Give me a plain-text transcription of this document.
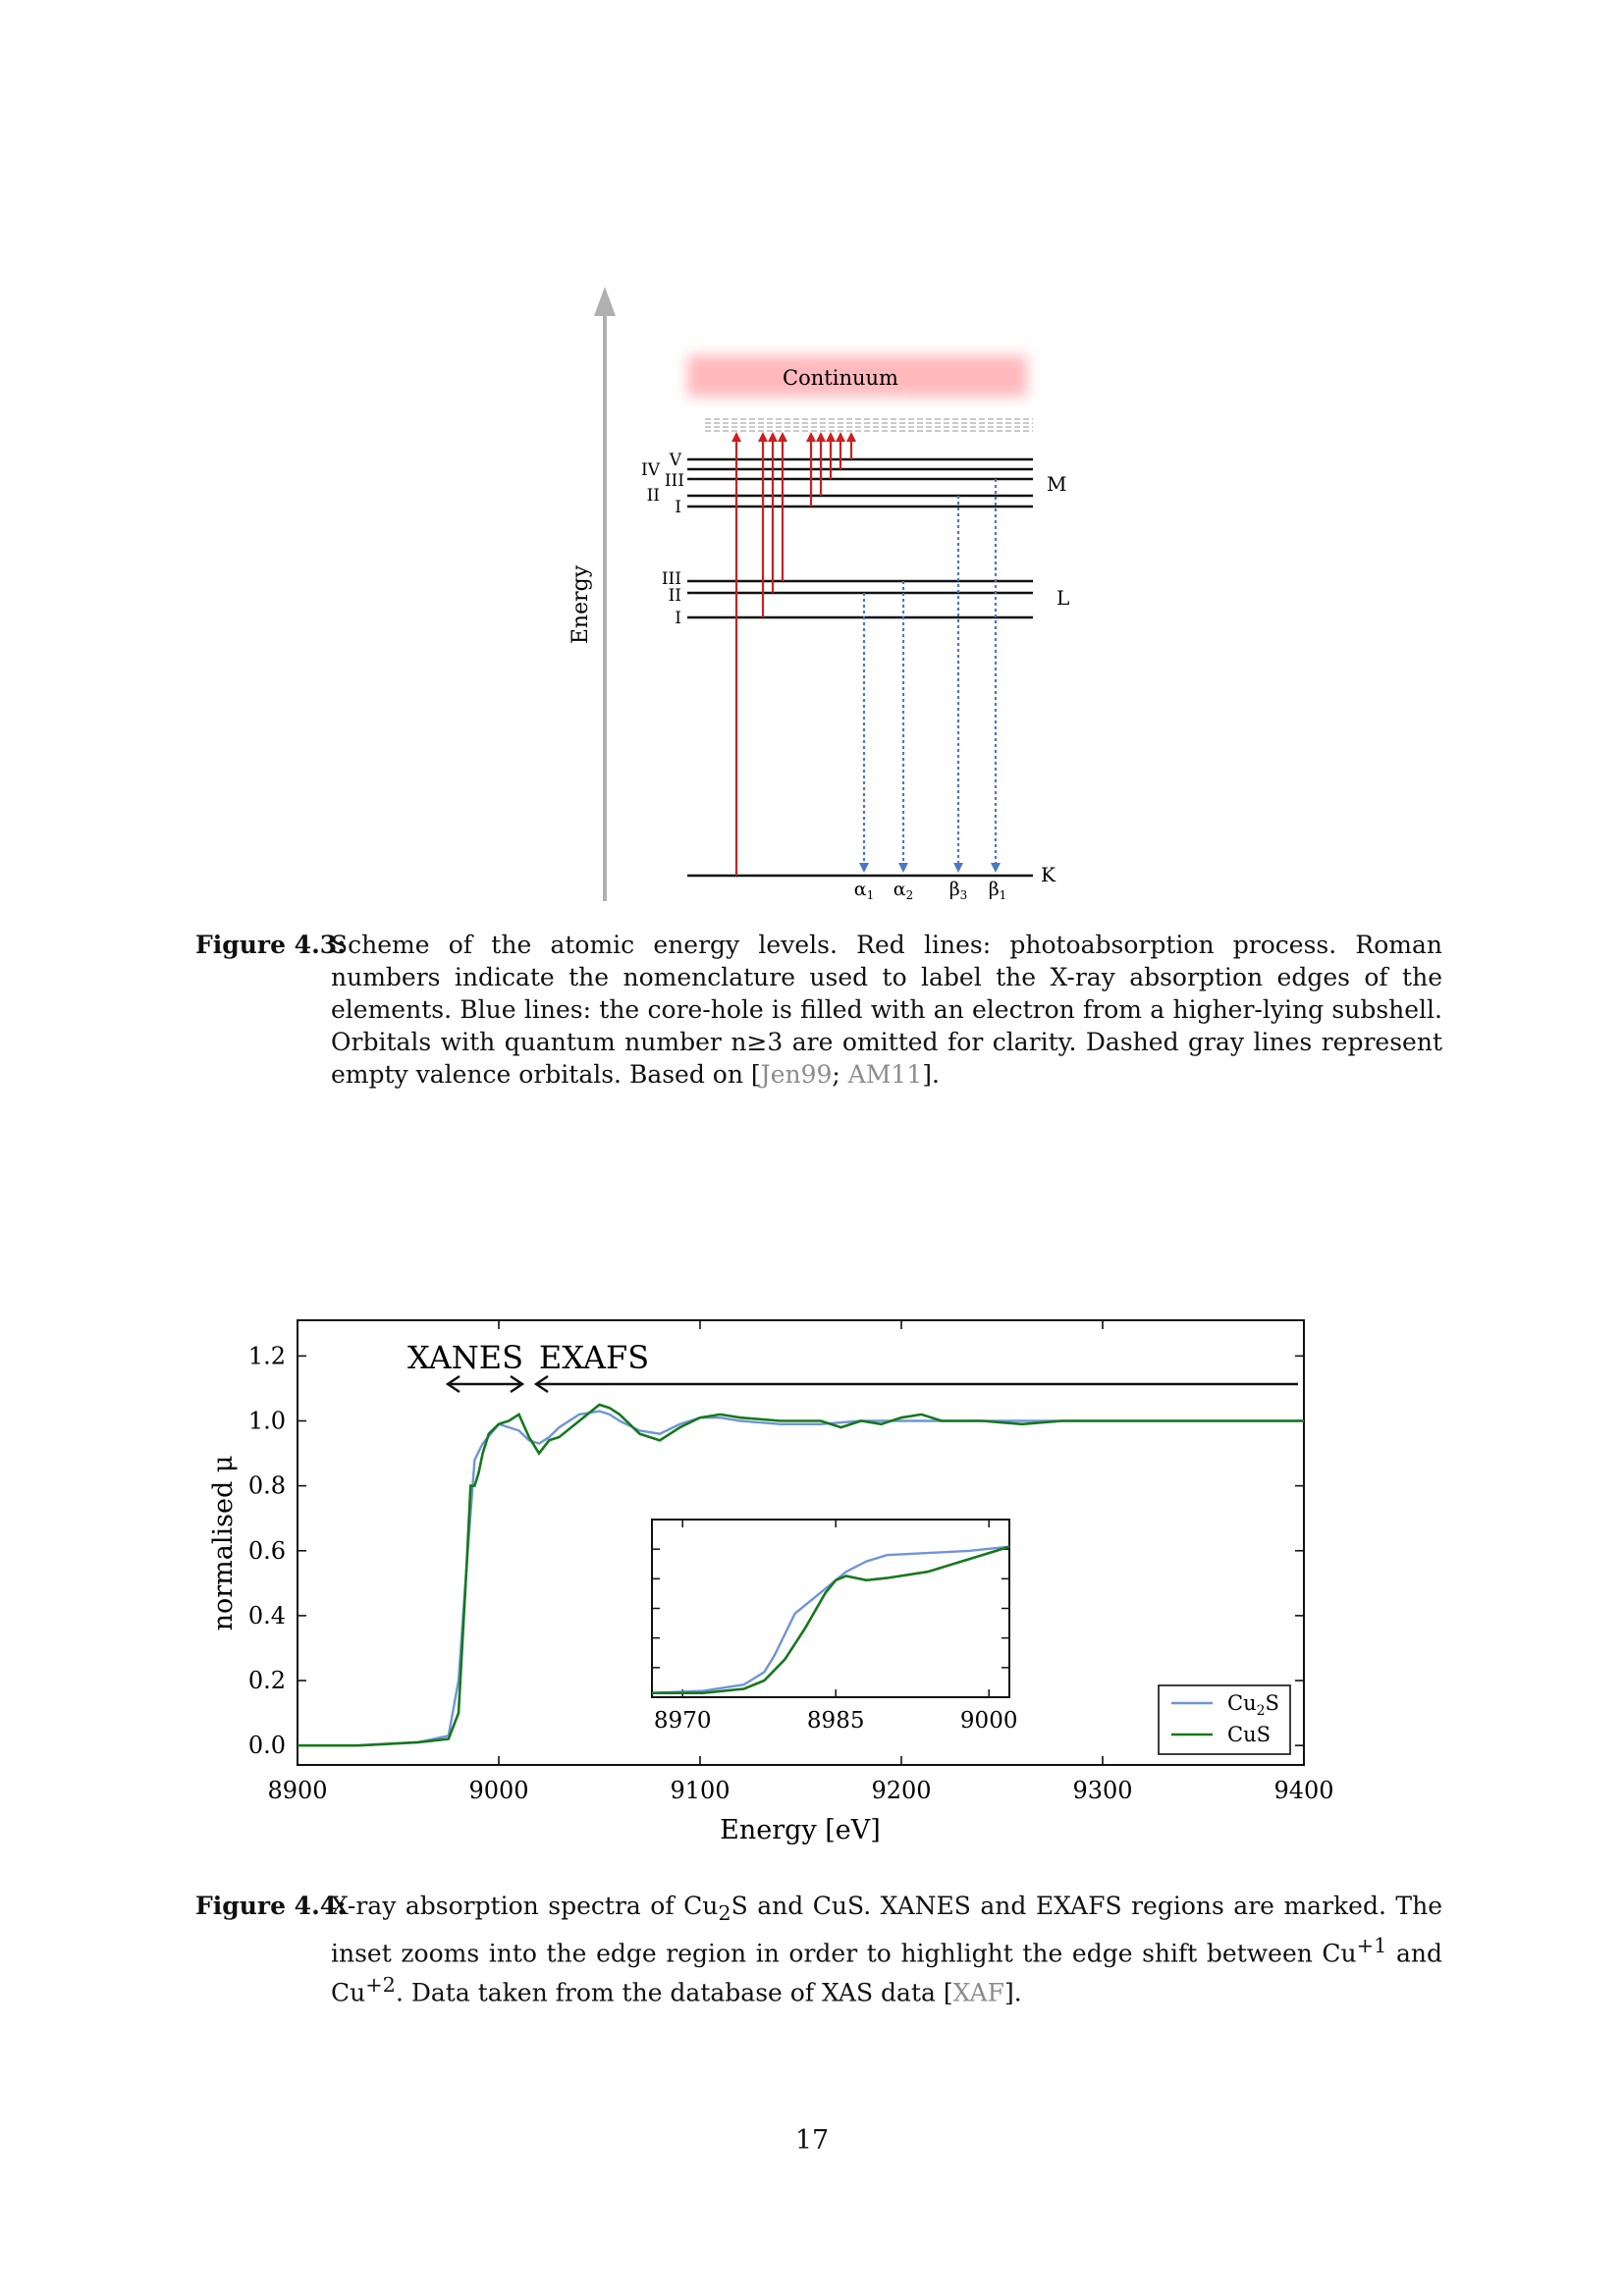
Energy
Continuum
V
IV
III
II
I
III
II
I
M
L
K
$\alpha_1$ $\alpha_2$ $\beta_3$ $\beta_1$
Figure 4.3:
Scheme of the atomic energy levels. Red lines: photoabsorption process. Roman numbers indicate the nomenclature used to label the X-ray absorption edges of the elements. Blue lines: the core-hole is filled with an electron from a higher-lying subshell. Orbitals with quantum number n≥3 are omitted for clarity. Dashed gray lines represent empty valence orbitals. Based on [Jen99; AM11].
8900	9000	9100	9200	9300	9400
0.0
0.2
0.4
0.6
0.8
1.0
1.2
Energy [eV]
normalised μ
XANES EXAFS
8970	8985	9000
$Cu_2S$
CuS
Figure 4.4:
X-ray absorption spectra of $Cu_2S$ and CuS. XANES and EXAFS regions are marked. The inset zooms into the edge region in order to highlight the edge shift between $Cu^{+1}$ and $Cu^{+2}$. Data taken from the database of XAS data [XAF].
17
